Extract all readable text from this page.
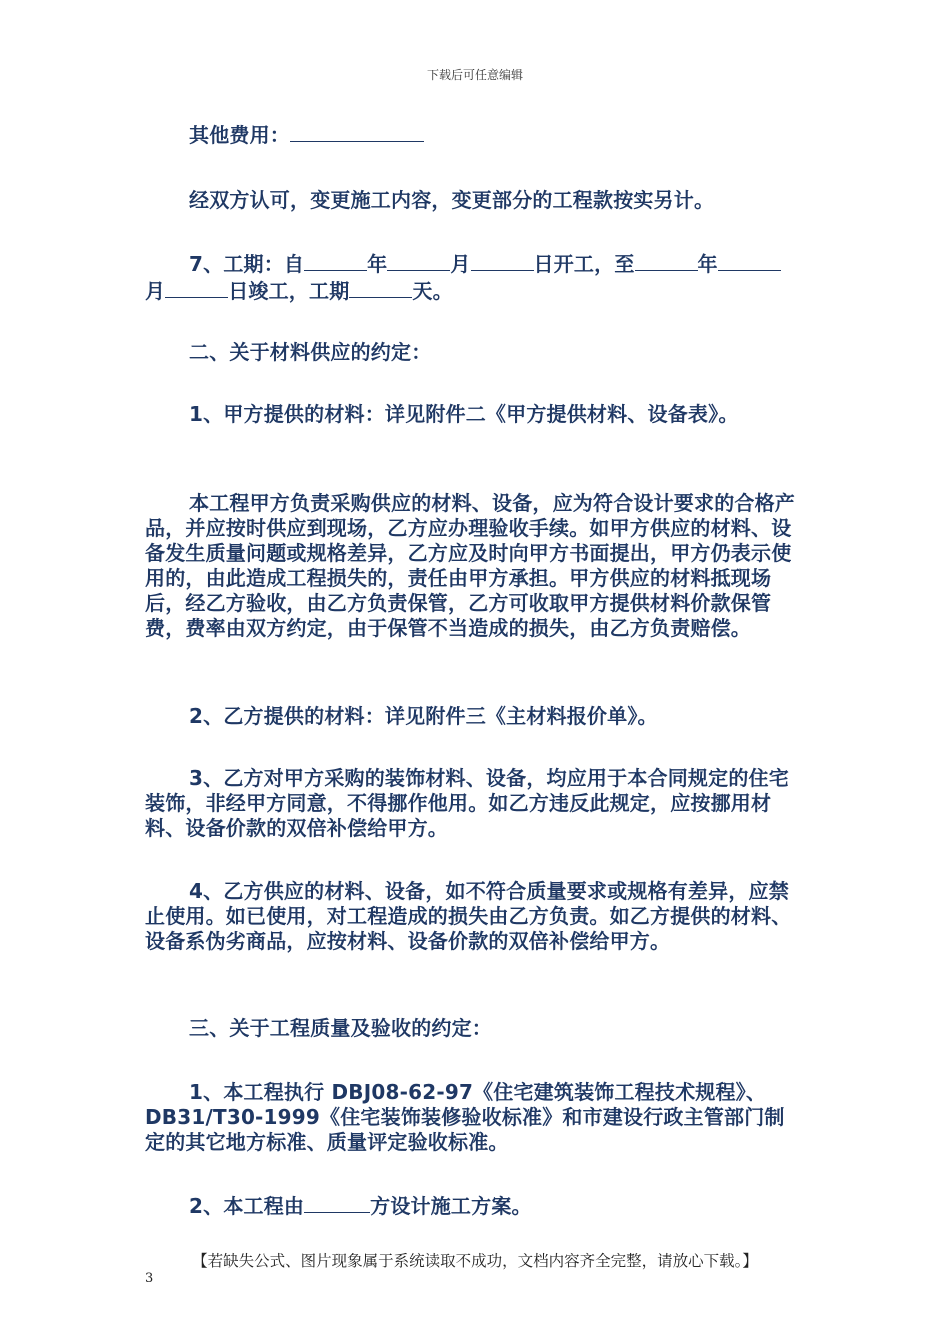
下载后可任意编辑

其他费用：

经双方认可，变更施工内容，变更部分的工程款按实另计。

7、工期：自	年	月	日开工，至	年月	日竣工，工期	天。

二、关于材料供应的约定：

1、甲方提供的材料：详见附件二《甲方提供材料、设备表》。

本工程甲方负责采购供应的材料、设备，应为符合设计要求的合格产品，并应按时供应到现场，乙方应办理验收手续。如甲方供应的材料、设备发生质量问题或规格差异，乙方应及时向甲方书面提出，甲方仍表示使用的，由此造成工程损失的，责任由甲方承担。甲方供应的材料抵现场后，经乙方验收，由乙方负责保管，乙方可收取甲方提供材料价款保管费，费率由双方约定，由于保管不当造成的损失，由乙方负责赔偿。

2、乙方提供的材料：详见附件三《主材料报价单》。

3、乙方对甲方采购的装饰材料、设备，均应用于本合同规定的住宅装饰，非经甲方同意，不得挪作他用。如乙方违反此规定，应按挪用材料、设备价款的双倍补偿给甲方。

4、乙方供应的材料、设备，如不符合质量要求或规格有差异，应禁止使用。如已使用，对工程造成的损失由乙方负责。如乙方提供的材料、设备系伪劣商品，应按材料、设备价款的双倍补偿给甲方。

三、关于工程质量及验收的约定：

1、本工程执行 DBJ08-62-97《住宅建筑装饰工程技术规程》、DB31/T30-1999《住宅装饰装修验收标准》和市建设行政主管部门制定的其它地方标准、质量评定验收标准。

2、本工程由	方设计施工方案。

【若缺失公式、图片现象属于系统读取不成功，文档内容齐全完整，请放心下载。】
3
